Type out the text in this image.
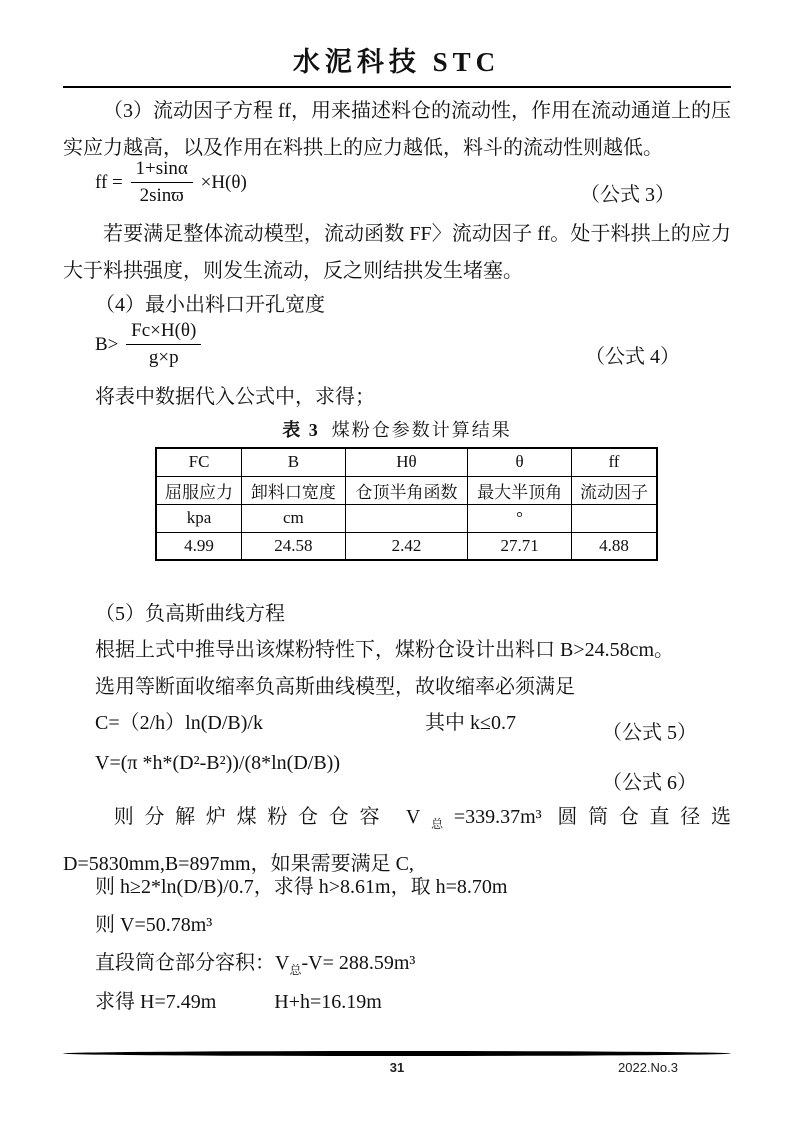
水泥科技 STC
（3）流动因子方程 ff，用来描述料仓的流动性，作用在流动通道上的压实应力越高，以及作用在料拱上的应力越低，料斗的流动性则越低。
ff = $\frac{1+\sin\alpha}{2\sin ϖ} \times H(\theta)$
（公式 3）
若要满足整体流动模型，流动函数 FF〉流动因子 ff。处于料拱上的应力大于料拱强度，则发生流动，反之则结拱发生堵塞。
（4）最小出料口开孔宽度
$B> \frac{Fc\times H(\theta)}{g\times p}$	（公式 4）
将表中数据代入公式中，求得；
表 3 煤粉仓参数计算结果
FC	B	Hθ	θ	ff
屈服应力	卸料口宽度	仓顶半角函数	最大半顶角	流动因子
kpa	cm		°	
4.99	24.58	2.42	27.71	4.88
（5）负高斯曲线方程
根据上式中推导出该煤粉特性下，煤粉仓设计出料口 B>24.58cm。
选用等断面收缩率负高斯曲线模型，故收缩率必须满足
C=（2/h）ln(D/B)/k	其中 k≤0.7	（公式 5）
V=(π *h*(D²-B²))/(8*ln(D/B))
（公式 6）
则分解炉煤粉仓仓容 $V_总=339.37m^3$ 圆筒仓直径选 D=5830mm,B=897mm，如果需要满足 C,
则 h≥2*ln(D/B)/0.7，求得 h>8.61m，取 h=8.70m
则 V=50.78m³
直段筒仓部分容积：$V_总-V= 288.59m^3$
求得 H=7.49m	H+h=16.19m
31	2022.No.3
